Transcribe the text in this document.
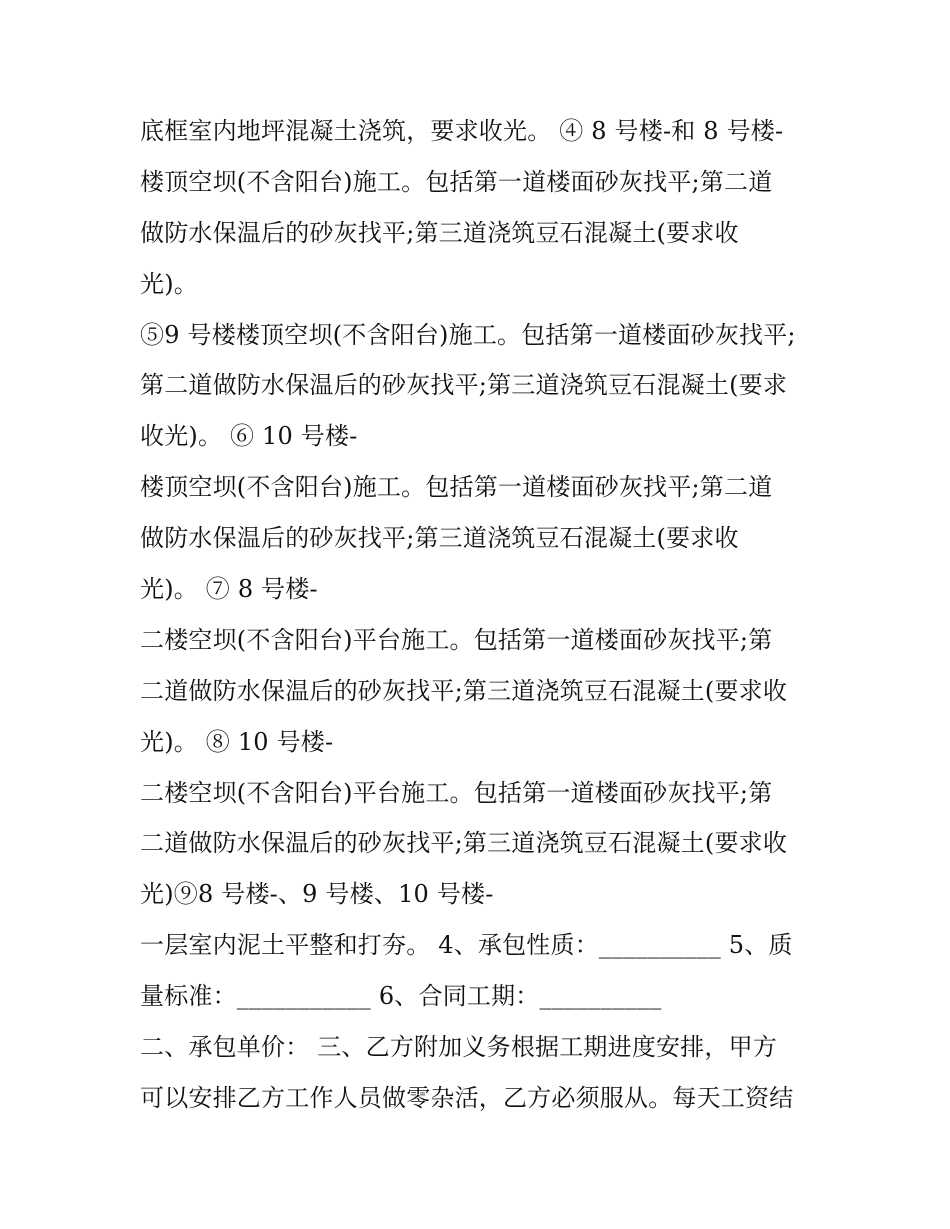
底框室内地坪混凝土浇筑，要求收光。 ④ 8 号楼-和 8 号楼-
楼顶空坝(不含阳台)施工。包括第一道楼面砂灰找平;第二道
做防水保温后的砂灰找平;第三道浇筑豆石混凝土(要求收
光)。
⑤9 号楼楼顶空坝(不含阳台)施工。包括第一道楼面砂灰找平;
第二道做防水保温后的砂灰找平;第三道浇筑豆石混凝土(要求
收光)。 ⑥ 10 号楼-
楼顶空坝(不含阳台)施工。包括第一道楼面砂灰找平;第二道
做防水保温后的砂灰找平;第三道浇筑豆石混凝土(要求收
光)。 ⑦ 8 号楼-
二楼空坝(不含阳台)平台施工。包括第一道楼面砂灰找平;第
二道做防水保温后的砂灰找平;第三道浇筑豆石混凝土(要求收
光)。 ⑧ 10 号楼-
二楼空坝(不含阳台)平台施工。包括第一道楼面砂灰找平;第
二道做防水保温后的砂灰找平;第三道浇筑豆石混凝土(要求收
光)⑨8 号楼-、9 号楼、10 号楼-
一层室内泥土平整和打夯。 4、承包性质：__________ 5、质
量标准：___________ 6、合同工期：__________
二、承包单价： 三、乙方附加义务根据工期进度安排，甲方
可以安排乙方工作人员做零杂活，乙方必须服从。每天工资结
